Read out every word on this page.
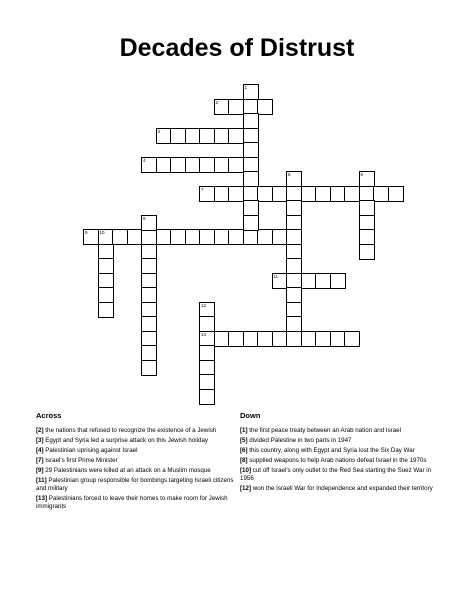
Decades of Distrust
2
3
4
7
9	10
11
13
1
5	6
8
12
Across
[2] the nations that refused to recognize the existence of a Jewish
[3] Egypt and Syria led a surprise attack on this Jewish holiday
[4] Palestinian uprising against Israel
[7] Israel's first Prime Minister
[9] 29 Palestinians were killed at an attack on a Muslim mosque
[11] Palestinian group responsible for bombings targeting Israeli citizens and military
[13] Palestinians forced to leave their homes to make room for Jewish immigrants
Down
[1] the first peace treaty between an Arab nation and Israel
[5] divided Palestine in two parts in 1947
[6] this country, along with Egypt and Syria lost the Six Day War
[8] supplied weapons to help Arab nations defeat Israel in the 1970s
[10] cut off Israel's only outlet to the Red Sea starting the Suez War in 1956
[12] won the Israeli War for Independence and expanded their territory
